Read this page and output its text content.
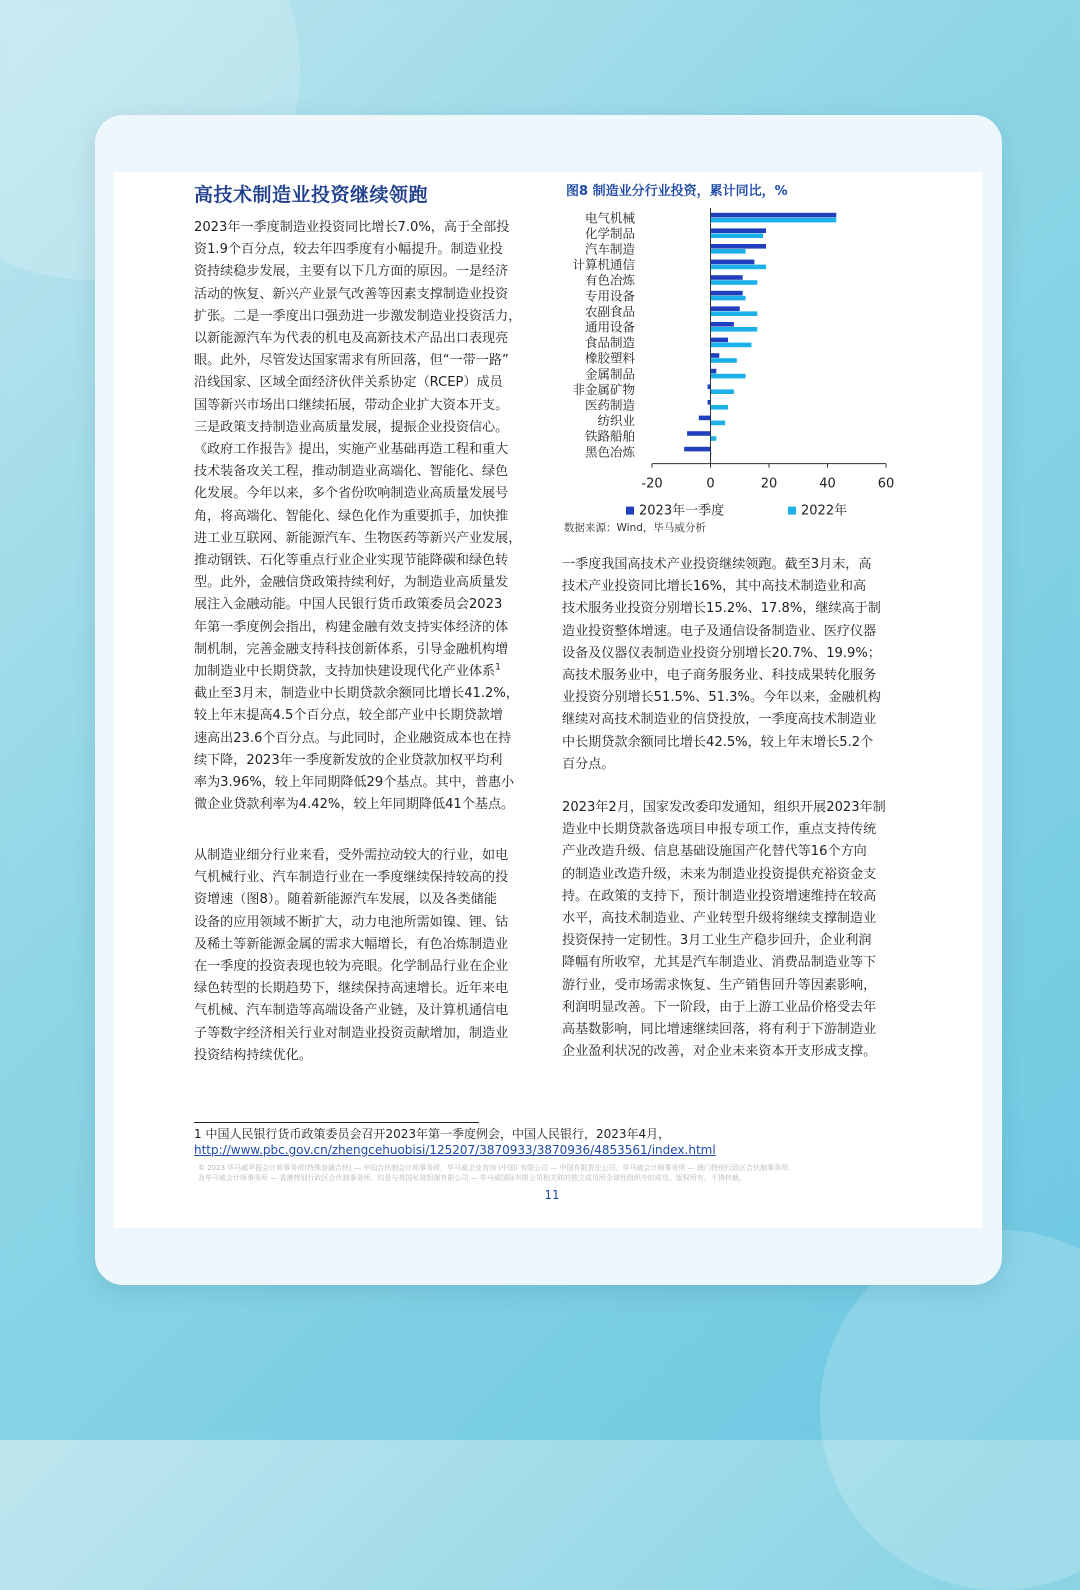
高技术制造业投资继续领跑
2023年一季度制造业投资同比增长7.0%，高于全部投
资1.9个百分点，较去年四季度有小幅提升。制造业投
资持续稳步发展，主要有以下几方面的原因。一是经济
活动的恢复、新兴产业景气改善等因素支撑制造业投资
扩张。二是一季度出口强劲进一步激发制造业投资活力，
以新能源汽车为代表的机电及高新技术产品出口表现亮
眼。此外，尽管发达国家需求有所回落，但“一带一路”
沿线国家、区域全面经济伙伴关系协定（RCEP）成员
国等新兴市场出口继续拓展，带动企业扩大资本开支。
三是政策支持制造业高质量发展，提振企业投资信心。
《政府工作报告》提出，实施产业基础再造工程和重大
技术装备攻关工程，推动制造业高端化、智能化、绿色
化发展。今年以来，多个省份吹响制造业高质量发展号
角，将高端化、智能化、绿色化作为重要抓手，加快推
进工业互联网、新能源汽车、生物医药等新兴产业发展，
推动钢铁、石化等重点行业企业实现节能降碳和绿色转
型。此外，金融信贷政策持续利好，为制造业高质量发
展注入金融动能。中国人民银行货币政策委员会2023
年第一季度例会指出，构建金融有效支持实体经济的体
制机制，完善金融支持科技创新体系，引导金融机构增
加制造业中长期贷款，支持加快建设现代化产业体系$^1$
截止至3月末，制造业中长期贷款余额同比增长41.2%，
较上年末提高4.5个百分点，较全部产业中长期贷款增
速高出23.6个百分点。与此同时，企业融资成本也在持
续下降，2023年一季度新发放的企业贷款加权平均利
率为3.96%，较上年同期降低29个基点。其中，普惠小
微企业贷款利率为4.42%，较上年同期降低41个基点。
从制造业细分行业来看，受外需拉动较大的行业，如电
气机械行业、汽车制造行业在一季度继续保持较高的投
资增速（图8）。随着新能源汽车发展，以及各类储能
设备的应用领域不断扩大，动力电池所需如镍、锂、钴
及稀土等新能源金属的需求大幅增长，有色冶炼制造业
在一季度的投资表现也较为亮眼。化学制品行业在企业
绿色转型的长期趋势下，继续保持高速增长。近年来电
气机械、汽车制造等高端设备产业链，及计算机通信电
子等数字经济相关行业对制造业投资贡献增加，制造业
投资结构持续优化。
一季度我国高技术产业投资继续领跑。截至3月末，高
技术产业投资同比增长16%，其中高技术制造业和高
技术服务业投资分别增长15.2%、17.8%，继续高于制
造业投资整体增速。电子及通信设备制造业、医疗仪器
设备及仪器仪表制造业投资分别增长20.7%、19.9%；
高技术服务业中，电子商务服务业、科技成果转化服务
业投资分别增长51.5%、51.3%。今年以来，金融机构
继续对高技术制造业的信贷投放，一季度高技术制造业
中长期贷款余额同比增长42.5%，较上年末增长5.2个
百分点。
2023年2月，国家发改委印发通知，组织开展2023年制
造业中长期贷款备选项目申报专项工作，重点支持传统
产业改造升级、信息基础设施国产化替代等16个方向
的制造业改造升级，未来为制造业投资提供充裕资金支
持。在政策的支持下，预计制造业投资增速维持在较高
水平，高技术制造业、产业转型升级将继续支撑制造业
投资保持一定韧性。3月工业生产稳步回升，企业利润
降幅有所收窄，尤其是汽车制造业、消费品制造业等下
游行业，受市场需求恢复、生产销售回升等因素影响，
利润明显改善。下一阶段，由于上游工业品价格受去年
高基数影响，同比增速继续回落，将有利于下游制造业
企业盈利状况的改善，对企业未来资本开支形成支撑。
图8 制造业分行业投资，累计同比，%
电气机械
化学制品
汽车制造
计算机通信
有色冶炼
专用设备
农副食品
通用设备
食品制造
橡胶塑料
金属制品
非金属矿物
医药制造
纺织业
铁路船舶
黑色冶炼
-20	0	20	40	60
2023年一季度	2022年
数据来源：Wind，毕马威分析
1 中国人民银行货币政策委员会召开2023年第一季度例会，中国人民银行，2023年4月，
http://www.pbc.gov.cn/zhengcehuobisi/125207/3870933/3870936/4853561/index.html
© 2023 毕马威华振会计师事务所(特殊普通合伙) — 中国合伙制会计师事务所，毕马威企业咨询 (中国) 有限公司 — 中国有限责任公司，毕马威会计师事务所 — 澳门特别行政区合伙制事务所，
及毕马威会计师事务所 — 香港特别行政区合伙制事务所，均是与英国私营担保有限公司 — 毕马威国际有限公司相关联的独立成员所全球性组织中的成员。版权所有，不得转载。
11
